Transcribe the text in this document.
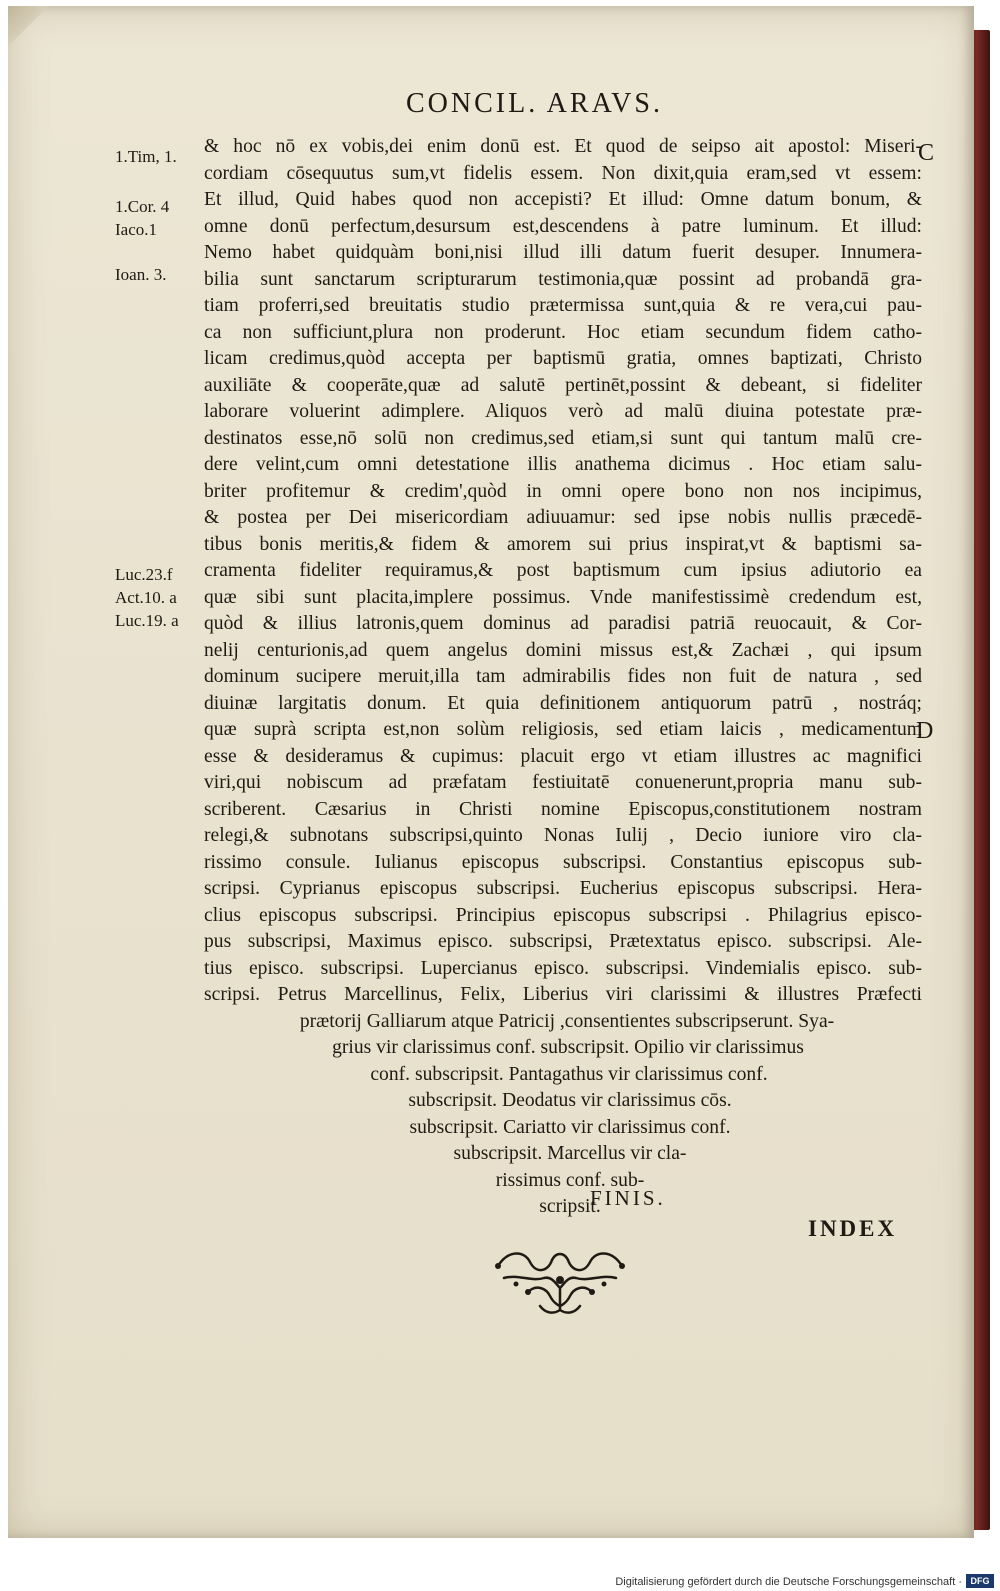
CONCIL. ARAVS.
1.Tim, 1.
1.Cor. 4
Iaco.1
Ioan. 3.
Luc.23.f
Act.10. a
Luc.19. a
C
D
& hoc nō ex vobis,dei enim donū est. Et quod de seipso ait apostol: Miseri-
cordiam cōsequutus sum,vt fidelis essem. Non dixit,quia eram,sed vt essem:
Et illud, Quid habes quod non accepisti? Et illud: Omne datum bonum, &
omne donū perfectum,desursum est,descendens à patre luminum. Et illud:
Nemo habet quidquàm boni,nisi illud illi datum fuerit desuper. Innumera-
bilia sunt sanctarum scripturarum testimonia,quæ possint ad probandā gra-
tiam proferri,sed breuitatis studio prætermissa sunt,quia & re vera,cui pau-
ca non sufficiunt,plura non proderunt. Hoc etiam secundum fidem catho-
licam credimus,quòd accepta per baptismū gratia, omnes baptizati, Christo
auxiliāte & cooperāte,quæ ad salutē pertinēt,possint & debeant, si fideliter
laborare voluerint adimplere. Aliquos verò ad malū diuina potestate præ-
destinatos esse,nō solū non credimus,sed etiam,si sunt qui tantum malū cre-
dere velint,cum omni detestatione illis anathema dicimus . Hoc etiam salu-
briter profitemur & credim',quòd in omni opere bono non nos incipimus,
& postea per Dei misericordiam adiuuamur: sed ipse nobis nullis præcedē-
tibus bonis meritis,& fidem & amorem sui prius inspirat,vt & baptismi sa-
cramenta fideliter requiramus,& post baptismum cum ipsius adiutorio ea
quæ sibi sunt placita,implere possimus. Vnde manifestissimè credendum est,
quòd & illius latronis,quem dominus ad paradisi patriā reuocauit, & Cor-
nelij centurionis,ad quem angelus domini missus est,& Zachæi , qui ipsum
dominum sucipere meruit,illa tam admirabilis fides non fuit de natura , sed
diuinæ largitatis donum. Et quia definitionem antiquorum patrū , nostráq;
quæ suprà scripta est,non solùm religiosis, sed etiam laicis , medicamentum
esse & desideramus & cupimus: placuit ergo vt etiam illustres ac magnifici
viri,qui nobiscum ad præfatam festiuitatē conuenerunt,propria manu sub-
scriberent. Cæsarius in Christi nomine Episcopus,constitutionem nostram
relegi,& subnotans subscripsi,quinto Nonas Iulij , Decio iuniore viro cla-
rissimo consule. Iulianus episcopus subscripsi. Constantius episcopus sub-
scripsi. Cyprianus episcopus subscripsi. Eucherius episcopus subscripsi. Hera-
clius episcopus subscripsi. Principius episcopus subscripsi . Philagrius episco-
pus subscripsi, Maximus episco. subscripsi, Prætextatus episco. subscripsi. Ale-
tius episco. subscripsi. Lupercianus episco. subscripsi. Vindemialis episco. sub-
scripsi. Petrus Marcellinus, Felix, Liberius viri clarissimi & illustres Præfecti
prætorij Galliarum atque Patricij ,consentientes subscripserunt. Sya-
grius vir clarissimus conf. subscripsit. Opilio vir clarissimus
conf. subscripsit. Pantagathus vir clarissimus conf.
subscripsit. Deodatus vir clarissimus cōs.
subscripsit. Cariatto vir clarissimus conf.
subscripsit. Marcellus vir cla-
rissimus conf. sub-
scripsit.
FINIS.
INDEX
Digitalisierung gefördert durch die Deutsche Forschungsgemeinschaft · DFG
